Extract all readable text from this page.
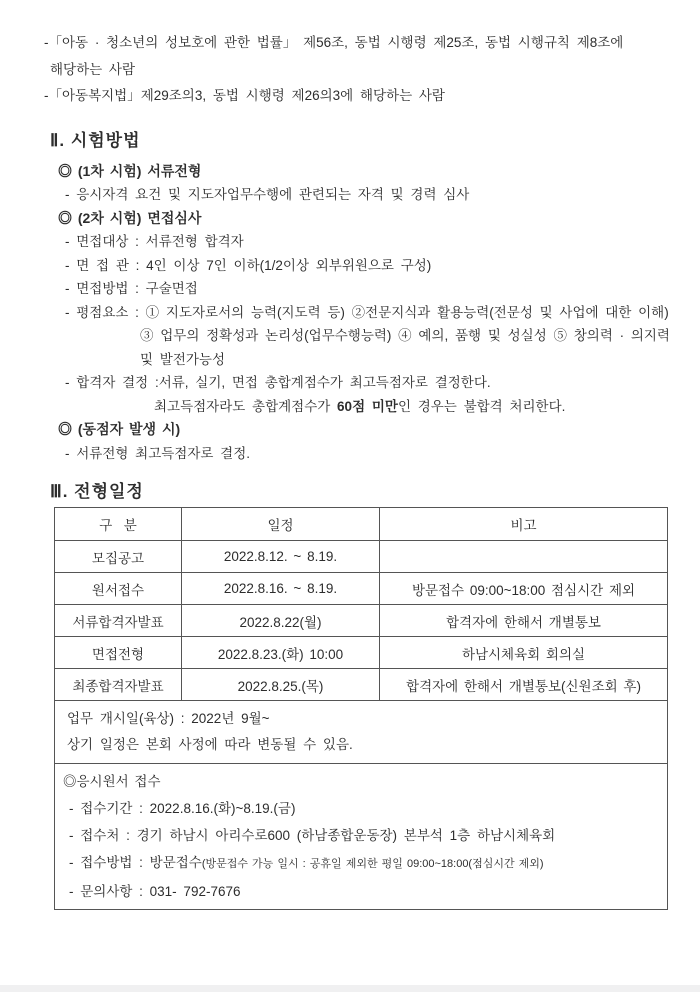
-「아동 · 청소년의 성보호에 관한 법률」 제56조, 동법 시행령 제25조, 동법 시행규칙 제8조에
해당하는 사람
-「아동복지법」제29조의3, 동법 시행령 제26의3에 해당하는 사람
Ⅱ. 시험방법
◎ (1차 시험) 서류전형
- 응시자격 요건 및 지도자업무수행에 관련되는 자격 및 경력 심사
◎ (2차 시험) 면접심사
- 면접대상 : 서류전형 합격자
- 면 접 관 : 4인 이상 7인 이하(1/2이상 외부위원으로 구성)
- 면접방법 : 구술면접
- 평점요소 : ① 지도자로서의 능력(지도력 등) ②전문지식과 활용능력(전문성 및 사업에 대한 이해)
③ 업무의 정확성과 논리성(업무수행능력) ④ 예의, 품행 및 성실성 ⑤ 창의력 · 의지력
및 발전가능성
- 합격자 결정 :서류, 실기, 면접 총합계점수가 최고득점자로 결정한다.
최고득점자라도 총합계점수가 60점 미만인 경우는 불합격 처리한다.
◎ (동점자 발생 시)
- 서류전형 최고득점자로 결정.
Ⅲ. 전형일정
구  분	일정	비고
모집공고	2022.8.12. ~ 8.19.	
원서접수	2022.8.16. ~ 8.19.	방문접수 09:00~18:00 점심시간 제외
서류합격자발표	2022.8.22(월)	합격자에 한해서 개별통보
면접전형	2022.8.23.(화) 10:00	하남시체육회 회의실
최종합격자발표	2022.8.25.(목)	합격자에 한해서 개별통보(신원조회 후)

업무 개시일(육상) : 2022년 9월~
상기 일정은 본회 사정에 따라 변동될 수 있음.		

◎응시원서 접수
- 접수기간 : 2022.8.16.(화)~8.19.(금)
- 접수처 : 경기 하남시 아리수로600 (하남종합운동장) 본부석 1층 하남시체육회
- 접수방법 : 방문접수(방문접수 가능 일시 : 공휴일 제외한 평일 09:00~18:00(점심시간 제외)
- 문의사항 : 031- 792-7676		
